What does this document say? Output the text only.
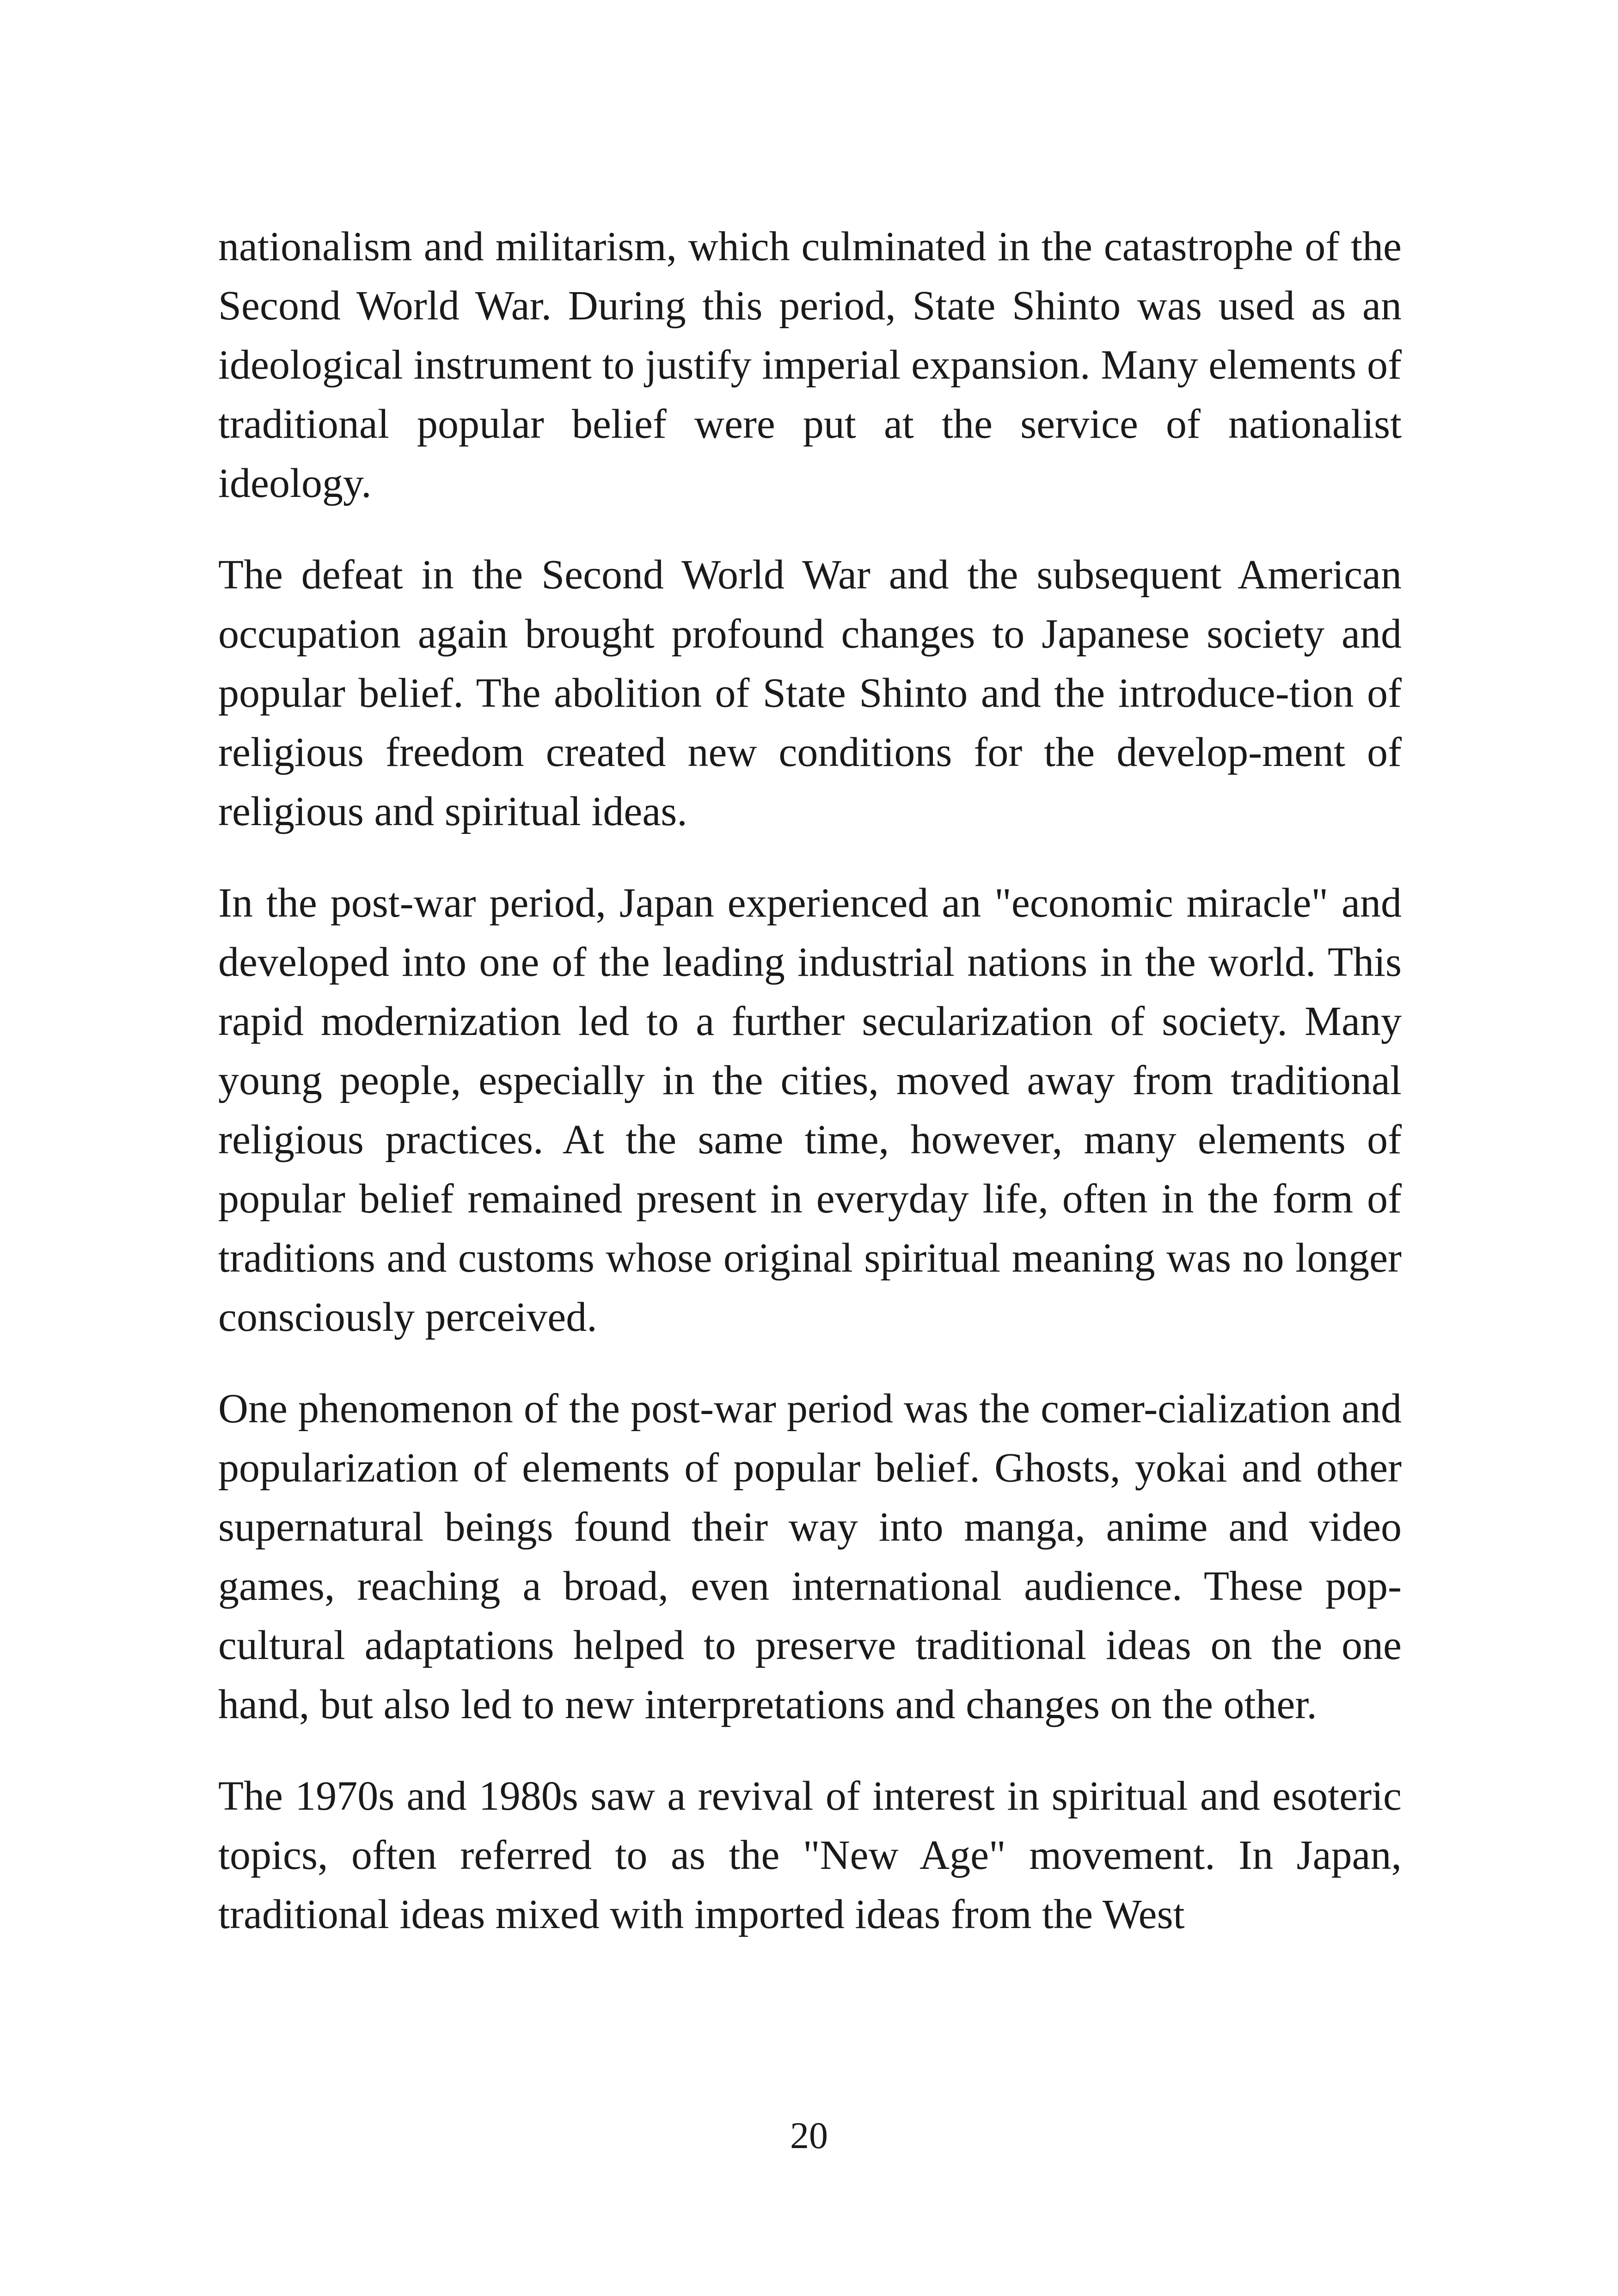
nationalism and militarism, which culminated in the catastrophe of the Second World War. During this period, State Shinto was used as an ideological instrument to justify imperial expansion. Many elements of traditional popular belief were put at the service of nationalist ideology.

The defeat in the Second World War and the subsequent American occupation again brought profound changes to Japanese society and popular belief. The abolition of State Shinto and the introduce-tion of religious freedom created new conditions for the develop-ment of religious and spiritual ideas.

In the post-war period, Japan experienced an "economic miracle" and developed into one of the leading industrial nations in the world. This rapid modernization led to a further secularization of society. Many young people, especially in the cities, moved away from traditional religious practices. At the same time, however, many elements of popular belief remained present in everyday life, often in the form of traditions and customs whose original spiritual meaning was no longer consciously perceived.

One phenomenon of the post-war period was the comer-cialization and popularization of elements of popular belief. Ghosts, yokai and other supernatural beings found their way into manga, anime and video games, reaching a broad, even international audience. These pop-cultural adaptations helped to preserve traditional ideas on the one hand, but also led to new interpretations and changes on the other.

The 1970s and 1980s saw a revival of interest in spiritual and esoteric topics, often referred to as the "New Age" movement. In Japan, traditional ideas mixed with imported ideas from the West

20
